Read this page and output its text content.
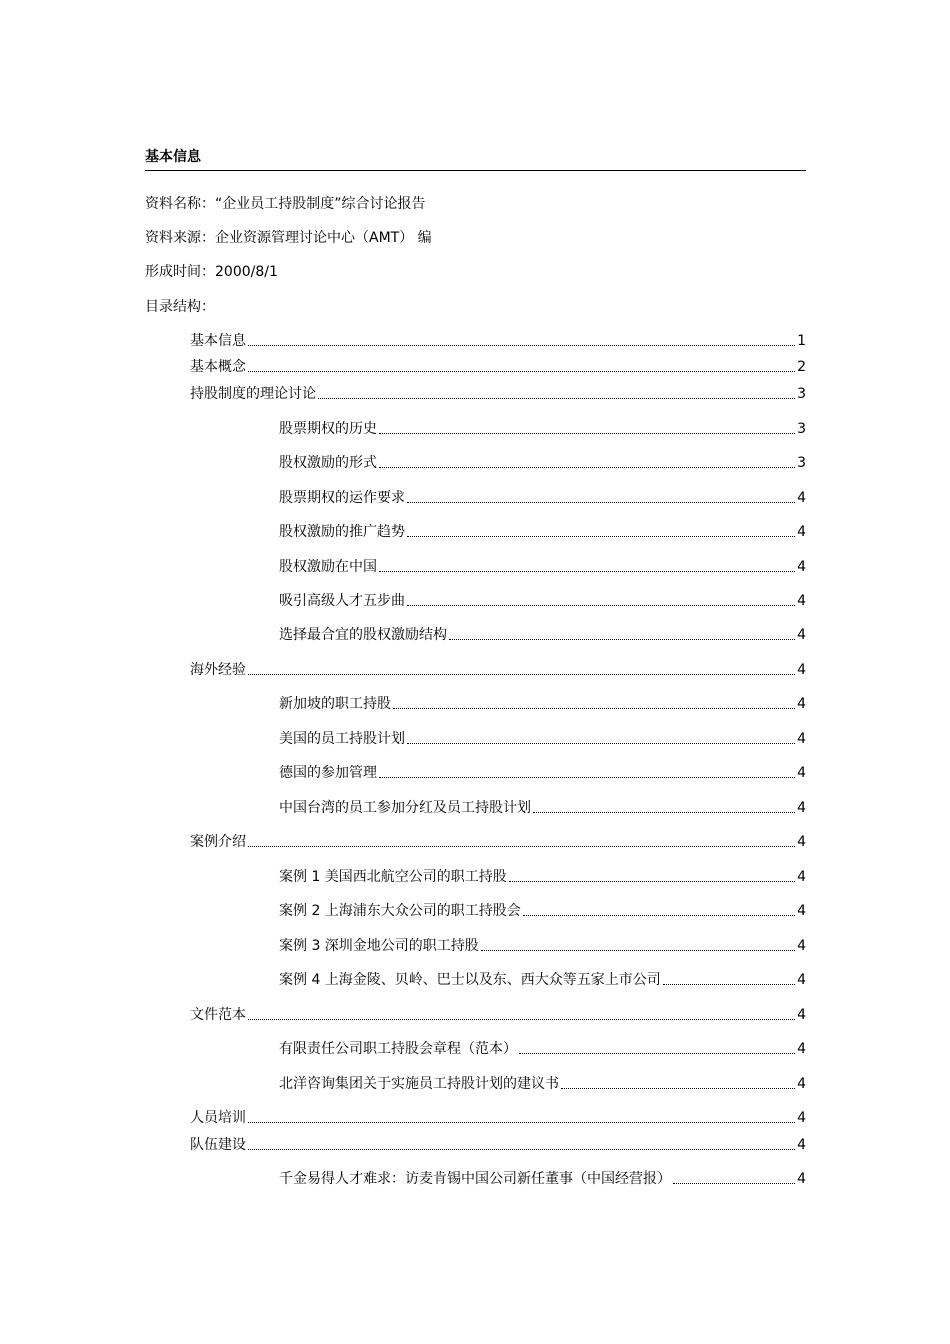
基本信息
资料名称：“企业员工持股制度”综合讨论报告
资料来源：企业资源管理讨论中心（AMT） 编
形成时间：2000/8/1
目录结构：
基本信息	1
基本概念	2
持股制度的理论讨论	3
股票期权的历史	3
股权激励的形式	3
股票期权的运作要求	4
股权激励的推广趋势	4
股权激励在中国	4
吸引高级人才五步曲	4
选择最合宜的股权激励结构	4
海外经验	4
新加坡的职工持股	4
美国的员工持股计划	4
德国的参加管理	4
中国台湾的员工参加分红及员工持股计划	4
案例介绍	4
案例 1 美国西北航空公司的职工持股	4
案例 2 上海浦东大众公司的职工持股会	4
案例 3 深圳金地公司的职工持股	4
案例 4 上海金陵、贝岭、巴士以及东、西大众等五家上市公司	4
文件范本	4
有限责任公司职工持股会章程（范本）	4
北洋咨询集团关于实施员工持股计划的建议书	4
人员培训	4
队伍建设	4
千金易得人才难求：访麦肯锡中国公司新任董事（中国经营报）	4
